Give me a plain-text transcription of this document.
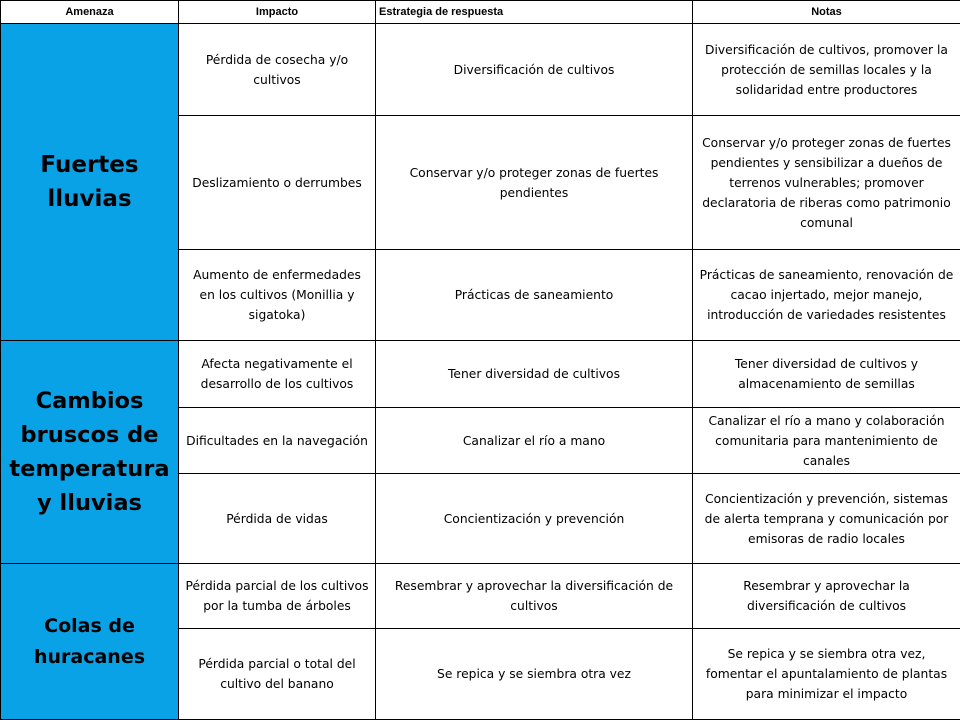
Amenaza	Impacto	Estrategia de respuesta	Notas

Fuertes
lluvias	Pérdida de cosecha y/o cultivos	Diversificación de cultivos	Diversificación de cultivos, promover la protección de semillas locales y la solidaridad entre productores
	Deslizamiento o derrumbes	Conservar y/o proteger zonas de fuertes pendientes	Conservar y/o proteger zonas de fuertes pendientes y sensibilizar a dueños de terrenos vulnerables; promover declaratoria de riberas como patrimonio comunal
	Aumento de enfermedades en los cultivos (Monillia y sigatoka)	Prácticas de saneamiento	Prácticas de saneamiento, renovación de cacao injertado, mejor manejo, introducción de variedades resistentes

Cambios
bruscos de
temperatura
y lluvias	Afecta negativamente el desarrollo de los cultivos	Tener diversidad de cultivos	Tener diversidad de cultivos y almacenamiento de semillas
	Dificultades en la navegación	Canalizar el río a mano	Canalizar el río a mano y colaboración comunitaria para mantenimiento de canales
	Pérdida de vidas	Concientización y prevención	Concientización y prevención, sistemas de alerta temprana y comunicación por emisoras de radio locales

Colas de
huracanes	Pérdida parcial de los cultivos por la tumba de árboles	Resembrar y aprovechar la diversificación de cultivos	Resembrar y aprovechar la diversificación de cultivos
	Pérdida parcial o total del cultivo del banano	Se repica y se siembra otra vez	Se repica y se siembra otra vez, fomentar el apuntalamiento de plantas para minimizar el impacto
